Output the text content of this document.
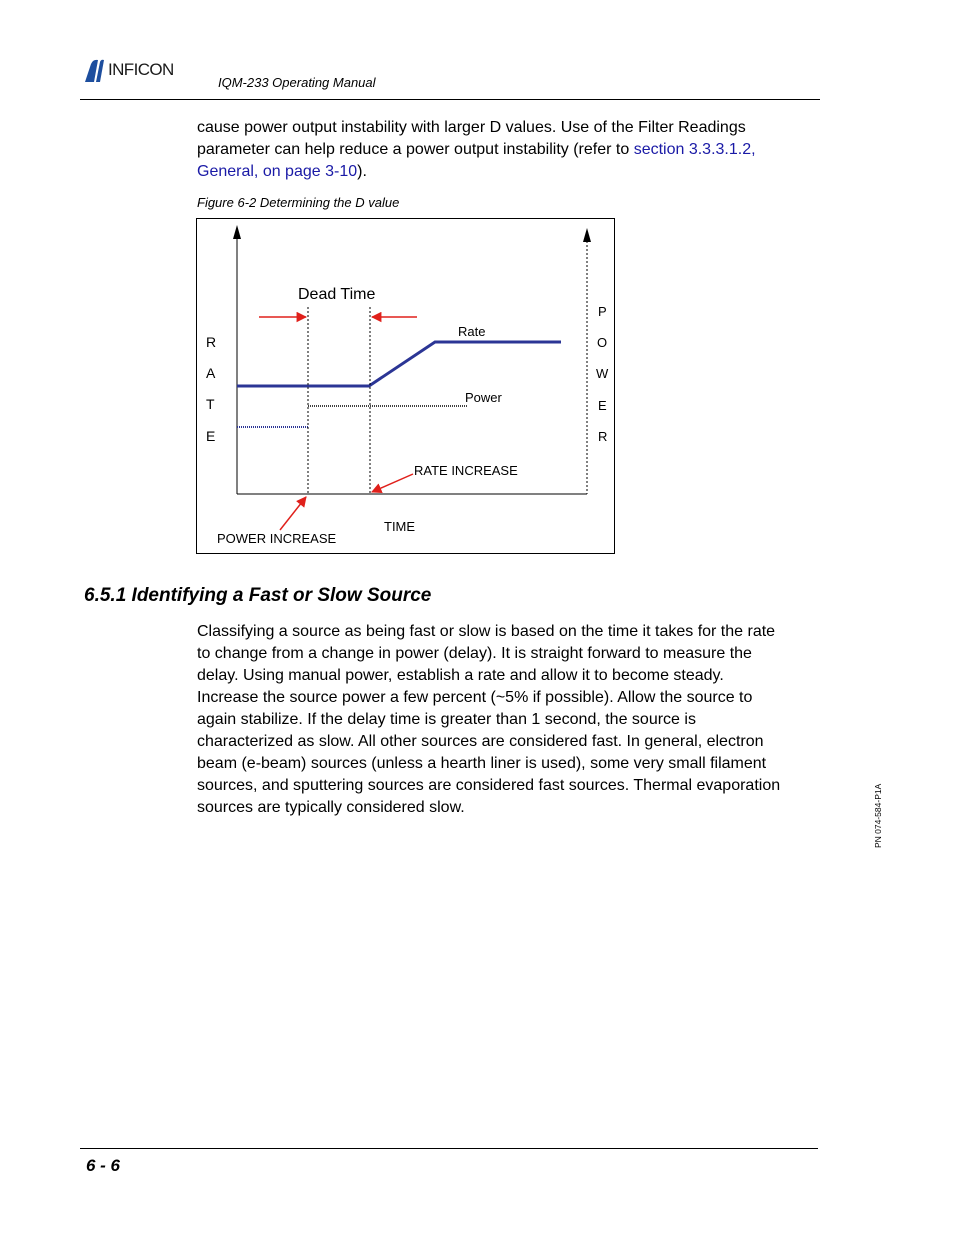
INFICON
IQM-233 Operating Manual
cause power output instability with larger D values. Use of the Filter Readings parameter can help reduce a power output instability (refer to section 3.3.3.1.2, General, on page 3-10).
Figure 6-2 Determining the D value
R
A
T
E
P
O
W
E
R
Dead Time
Rate
Power
RATE INCREASE
TIME
POWER INCREASE
6.5.1 Identifying a Fast or Slow Source
Classifying a source as being fast or slow is based on the time it takes for the rate
to change from a change in power (delay). It is straight forward to measure the
delay. Using manual power, establish a rate and allow it to become steady.
Increase the source power a few percent (~5% if possible). Allow the source to
again stabilize. If the delay time is greater than 1 second, the source is
characterized as slow. All other sources are considered fast. In general, electron
beam (e-beam) sources (unless a hearth liner is used), some very small filament
sources, and sputtering sources are considered fast sources. Thermal evaporation
sources are typically considered slow.	PN 074-584-P1A
6 - 6
